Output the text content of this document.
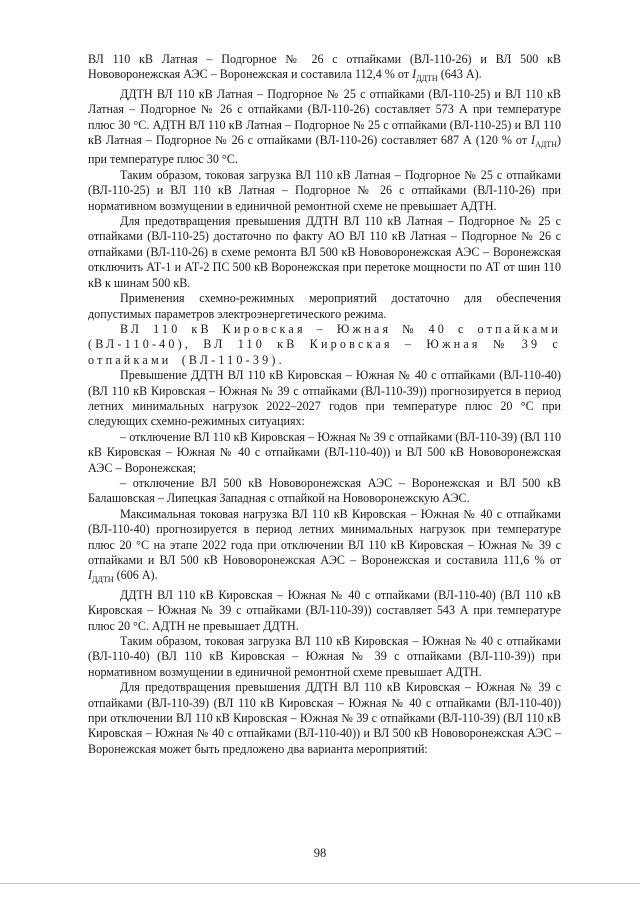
ВЛ 110 кВ Латная – Подгорное № 26 с отпайками (ВЛ-110-26) и ВЛ 500 кВ Нововоронежская АЭС – Воронежская и составила 112,4 % от $I_{ДДТН}$ (643 А).

ДДТН ВЛ 110 кВ Латная – Подгорное № 25 с отпайками (ВЛ-110-25) и ВЛ 110 кВ Латная – Подгорное № 26 с отпайками (ВЛ-110-26) составляет 573 А при температуре плюс 30 °С. АДТН ВЛ 110 кВ Латная – Подгорное № 25 с отпайками (ВЛ-110-25) и ВЛ 110 кВ Латная – Подгорное № 26 с отпайками (ВЛ-110-26) составляет 687 А (120 % от $I_{АДТН}$) при температуре плюс 30 °С.

Таким образом, токовая загрузка ВЛ 110 кВ Латная – Подгорное № 25 с отпайками (ВЛ-110-25) и ВЛ 110 кВ Латная – Подгорное № 26 с отпайками (ВЛ-110-26) при нормативном возмущении в единичной ремонтной схеме не превышает АДТН.

Для предотвращения превышения ДДТН ВЛ 110 кВ Латная – Подгорное № 25 с отпайками (ВЛ-110-25) достаточно по факту АО ВЛ 110 кВ Латная – Подгорное № 26 с отпайками (ВЛ-110-26) в схеме ремонта ВЛ 500 кВ Нововоронежская АЭС – Воронежская отключить АТ-1 и АТ-2 ПС 500 кВ Воронежская при перетоке мощности по АТ от шин 110 кВ к шинам 500 кВ.

Применения схемно-режимных мероприятий достаточно для обеспечения допустимых параметров электроэнергетического режима.

ВЛ 110 кВ Кировская – Южная № 40 с отпайками (ВЛ-110-40), ВЛ 110 кВ Кировская – Южная № 39 с отпайками (ВЛ-110-39).

Превышение ДДТН ВЛ 110 кВ Кировская – Южная № 40 с отпайками (ВЛ-110-40) (ВЛ 110 кВ Кировская – Южная № 39 с отпайками (ВЛ-110-39)) прогнозируется в период летних минимальных нагрузок 2022–2027 годов при температуре плюс 20 °С при следующих схемно-режимных ситуациях:

– отключение ВЛ 110 кВ Кировская – Южная № 39 с отпайками (ВЛ-110-39) (ВЛ 110 кВ Кировская – Южная № 40 с отпайками (ВЛ-110-40)) и ВЛ 500 кВ Нововоронежская АЭС – Воронежская;

– отключение ВЛ 500 кВ Нововоронежская АЭС – Воронежская и ВЛ 500 кВ Балашовская – Липецкая Западная с отпайкой на Нововоронежскую АЭС.

Максимальная токовая нагрузка ВЛ 110 кВ Кировская – Южная № 40 с отпайками (ВЛ-110-40) прогнозируется в период летних минимальных нагрузок при температуре плюс 20 °С на этапе 2022 года при отключении ВЛ 110 кВ Кировская – Южная № 39 с отпайками и ВЛ 500 кВ Нововоронежская АЭС – Воронежская и составила 111,6 % от $I_{ДДТН}$ (606 А).

ДДТН ВЛ 110 кВ Кировская – Южная № 40 с отпайками (ВЛ-110-40) (ВЛ 110 кВ Кировская – Южная № 39 с отпайками (ВЛ-110-39)) составляет 543 А при температуре плюс 20 °С. АДТН не превышает ДДТН.

Таким образом, токовая загрузка ВЛ 110 кВ Кировская – Южная № 40 с отпайками (ВЛ-110-40) (ВЛ 110 кВ Кировская – Южная № 39 с отпайками (ВЛ-110-39)) при нормативном возмущении в единичной ремонтной схеме превышает АДТН.

Для предотвращения превышения ДДТН ВЛ 110 кВ Кировская – Южная № 39 с отпайками (ВЛ-110-39) (ВЛ 110 кВ Кировская – Южная № 40 с отпайками (ВЛ-110-40)) при отключении ВЛ 110 кВ Кировская – Южная № 39 с отпайками (ВЛ-110-39) (ВЛ 110 кВ Кировская – Южная № 40 с отпайками (ВЛ-110-40)) и ВЛ 500 кВ Нововоронежская АЭС – Воронежская может быть предложено два варианта мероприятий:

98
